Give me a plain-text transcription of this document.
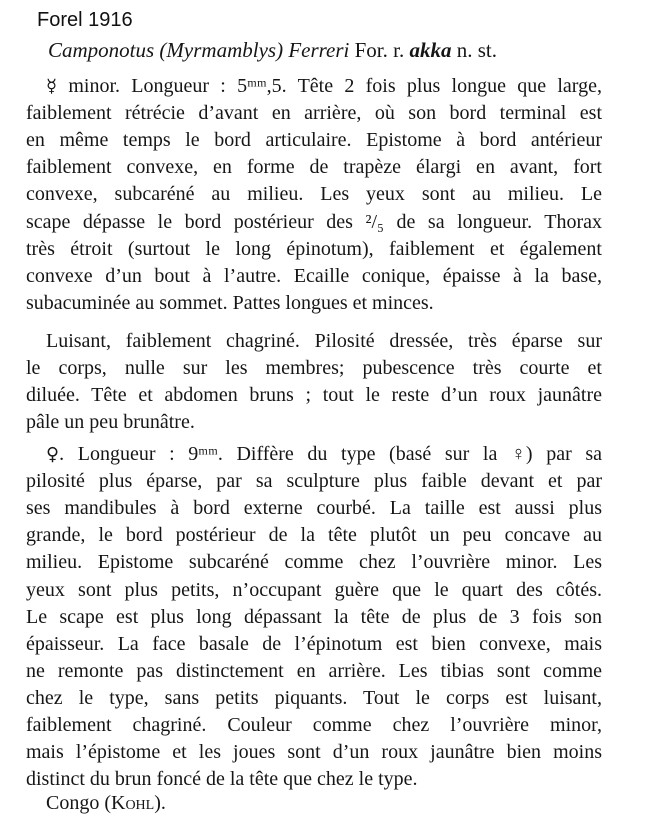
Forel 1916
Camponotus (Myrmamblys) Ferreri For. r. akka n. st.
☿ minor. Longueur : 5ᵐᵐ,5. Tête 2 fois plus longue que large,
faiblement rétrécie d’avant en arrière, où son bord terminal est
en même temps le bord articulaire. Epistome à bord antérieur
faiblement convexe, en forme de trapèze élargi en avant, fort
convexe, subcaréné au milieu. Les yeux sont au milieu. Le
scape dépasse le bord postérieur des ²/₅ de sa longueur. Thorax
très étroit (surtout le long épinotum), faiblement et également
convexe d’un bout à l’autre. Ecaille conique, épaisse à la base,
subacuminée au sommet. Pattes longues et minces.
Luisant, faiblement chagriné. Pilosité dressée, très éparse sur
le corps, nulle sur les membres; pubescence très courte et
diluée. Tête et abdomen bruns ; tout le reste d’un roux jaunâtre
pâle un peu brunâtre.
♀. Longueur : 9ᵐᵐ. Diffère du type (basé sur la ♀) par sa
pilosité plus éparse, par sa sculpture plus faible devant et par
ses mandibules à bord externe courbé. La taille est aussi plus
grande, le bord postérieur de la tête plutôt un peu concave au
milieu. Epistome subcaréné comme chez l’ouvrière minor. Les
yeux sont plus petits, n’occupant guère que le quart des côtés.
Le scape est plus long dépassant la tête de plus de 3 fois son
épaisseur. La face basale de l’épinotum est bien convexe, mais
ne remonte pas distinctement en arrière. Les tibias sont comme
chez le type, sans petits piquants. Tout le corps est luisant,
faiblement chagriné. Couleur comme chez l’ouvrière minor,
mais l’épistome et les joues sont d’un roux jaunâtre bien moins
distinct du brun foncé de la tête que chez le type.
Congo (Kohl).
